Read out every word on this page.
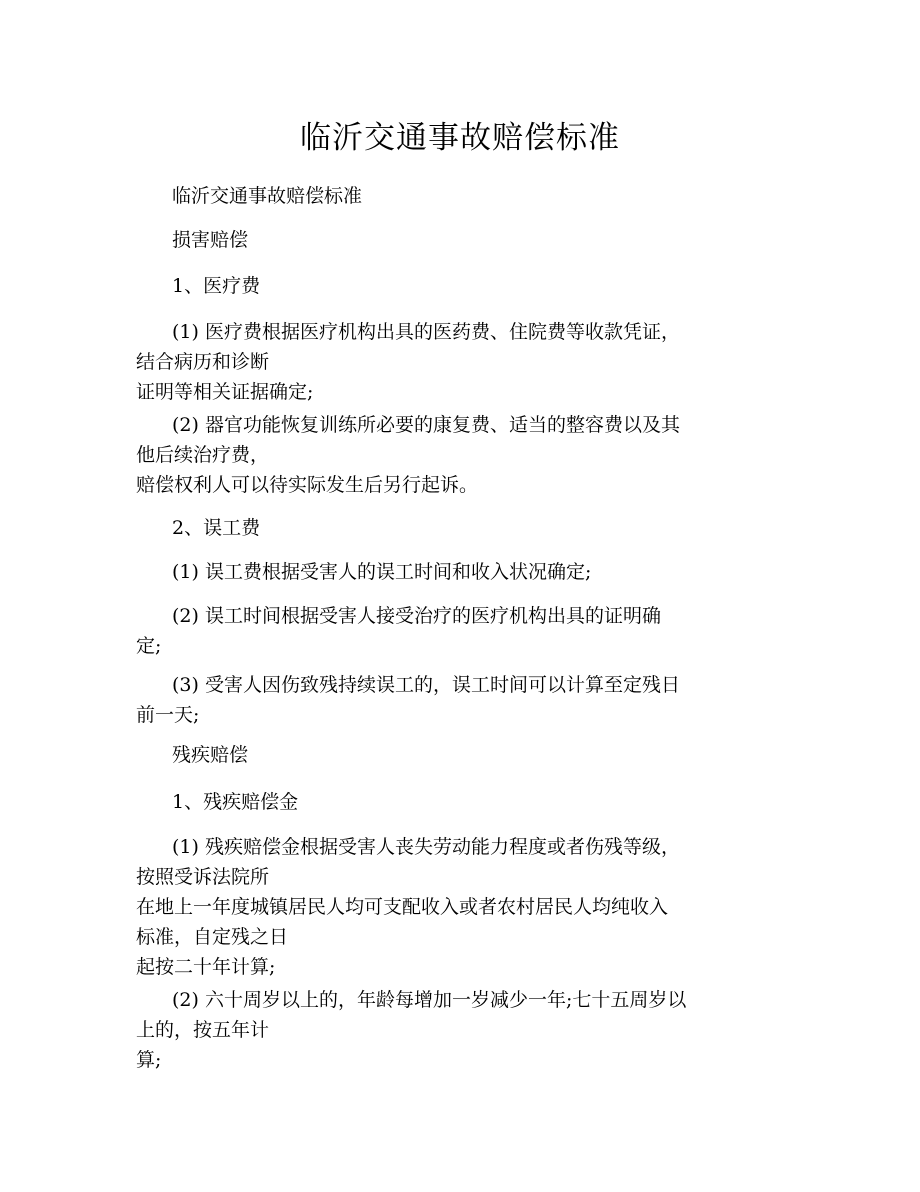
临沂交通事故赔偿标准
临沂交通事故赔偿标准
损害赔偿
1、医疗费
(1) 医疗费根据医疗机构出具的医药费、住院费等收款凭证，
结合病历和诊断
证明等相关证据确定;
(2) 器官功能恢复训练所必要的康复费、适当的整容费以及其
他后续治疗费，
赔偿权利人可以待实际发生后另行起诉。
2、误工费
(1) 误工费根据受害人的误工时间和收入状况确定;
(2) 误工时间根据受害人接受治疗的医疗机构出具的证明确
定;
(3) 受害人因伤致残持续误工的，误工时间可以计算至定残日
前一天;
残疾赔偿
1、残疾赔偿金
(1) 残疾赔偿金根据受害人丧失劳动能力程度或者伤残等级，
按照受诉法院所
在地上一年度城镇居民人均可支配收入或者农村居民人均纯收入
标准，自定残之日
起按二十年计算;
(2) 六十周岁以上的，年龄每增加一岁减少一年;七十五周岁以
上的，按五年计
算;
